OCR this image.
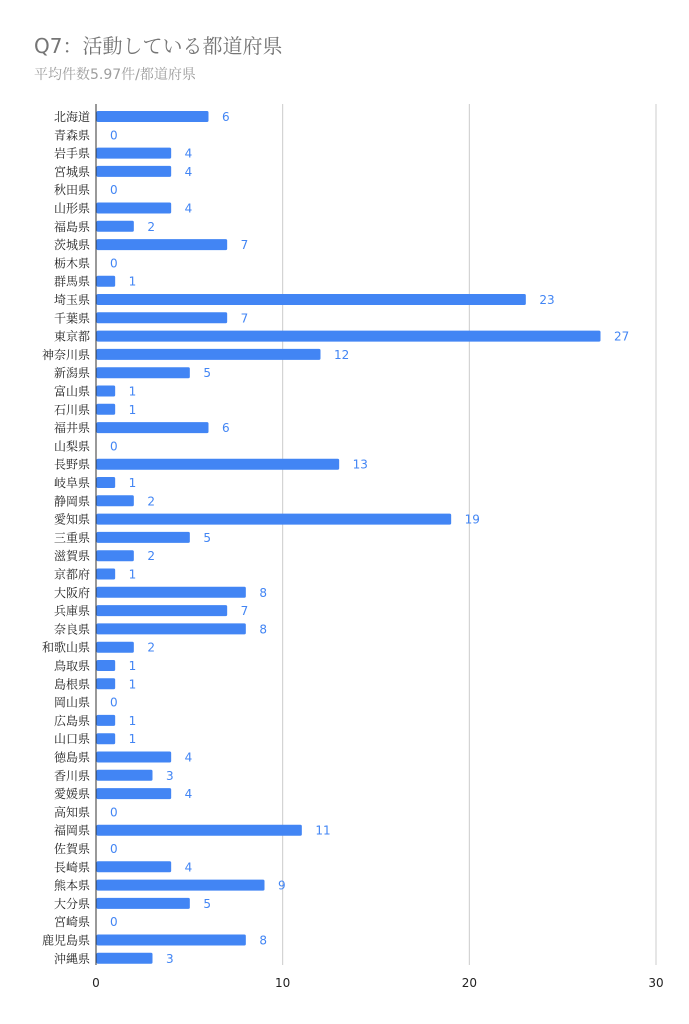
Q7：活動している都道府県
平均件数5.97件/都道府県
0	10	20	30
北海道	6
青森県 0
岩手県	4
宮城県	4
秋田県 0
山形県	4
福島県	2
茨城県	7
栃木県 0
群馬県	1
埼玉県	23
千葉県	7
東京都	27
神奈川県	12
新潟県	5
富山県	1
石川県	1
福井県	6
山梨県 0
長野県	13
岐阜県	1
静岡県	2
愛知県	19
三重県	5
滋賀県	2
京都府	1
大阪府	8
兵庫県	7
奈良県	8
和歌山県	2
鳥取県	1
島根県	1
岡山県 0
広島県	1
山口県	1
徳島県	4
香川県	3
愛媛県	4
高知県 0
福岡県	11
佐賀県 0
長崎県	4
熊本県	9
大分県	5
宮崎県 0
鹿児島県	8
沖縄県	3
